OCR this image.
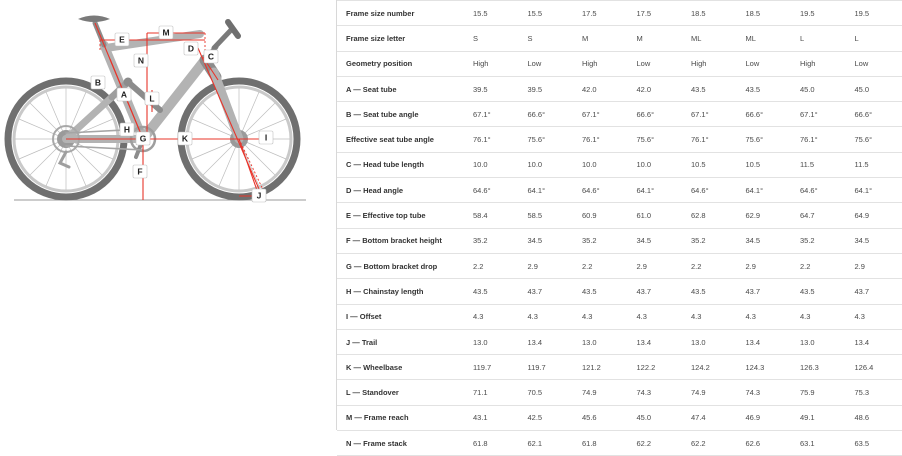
A
B
C
D
E
F
G
H
I
J
K
L
M
N
Frame size number	15.5	15.5	17.5	17.5	18.5	18.5	19.5	19.5
Frame size letter	S	S	M	M	ML	ML	L	L
Geometry position	High	Low	High	Low	High	Low	High	Low
A — Seat tube	39.5	39.5	42.0	42.0	43.5	43.5	45.0	45.0
B — Seat tube angle	67.1°	66.6°	67.1°	66.6°	67.1°	66.6°	67.1°	66.6°
Effective seat tube angle	76.1°	75.6°	76.1°	75.6°	76.1°	75.6°	76.1°	75.6°
C — Head tube length	10.0	10.0	10.0	10.0	10.5	10.5	11.5	11.5
D — Head angle	64.6°	64.1°	64.6°	64.1°	64.6°	64.1°	64.6°	64.1°
E — Effective top tube	58.4	58.5	60.9	61.0	62.8	62.9	64.7	64.9
F — Bottom bracket height	35.2	34.5	35.2	34.5	35.2	34.5	35.2	34.5
G — Bottom bracket drop	2.2	2.9	2.2	2.9	2.2	2.9	2.2	2.9
H — Chainstay length	43.5	43.7	43.5	43.7	43.5	43.7	43.5	43.7
I — Offset	4.3	4.3	4.3	4.3	4.3	4.3	4.3	4.3
J — Trail	13.0	13.4	13.0	13.4	13.0	13.4	13.0	13.4
K — Wheelbase	119.7	119.7	121.2	122.2	124.2	124.3	126.3	126.4
L — Standover	71.1	70.5	74.9	74.3	74.9	74.3	75.9	75.3
M — Frame reach	43.1	42.5	45.6	45.0	47.4	46.9	49.1	48.6
N — Frame stack	61.8	62.1	61.8	62.2	62.2	62.6	63.1	63.5
